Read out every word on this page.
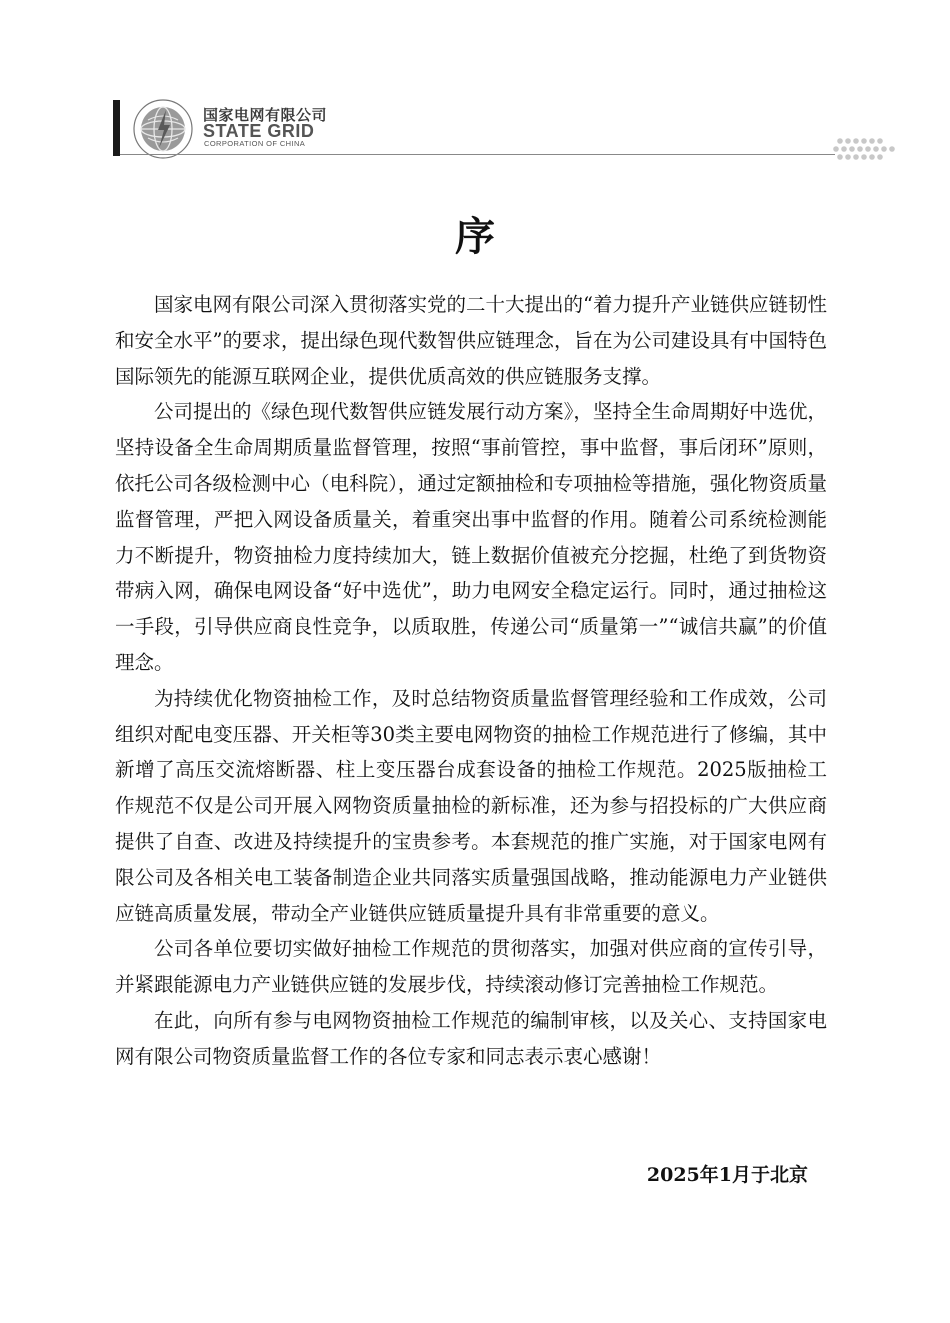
国家电网有限公司
STATE GRID
CORPORATION OF CHINA
序

国家电网有限公司深入贯彻落实党的二十大提出的“着力提升产业链供应链韧性和安全水平”的要求，提出绿色现代数智供应链理念，旨在为公司建设具有中国特色国际领先的能源互联网企业，提供优质高效的供应链服务支撑。

公司提出的《绿色现代数智供应链发展行动方案》，坚持全生命周期好中选优，坚持设备全生命周期质量监督管理，按照“事前管控，事中监督，事后闭环”原则，依托公司各级检测中心（电科院），通过定额抽检和专项抽检等措施，强化物资质量监督管理，严把入网设备质量关，着重突出事中监督的作用。随着公司系统检测能力不断提升，物资抽检力度持续加大，链上数据价值被充分挖掘，杜绝了到货物资带病入网，确保电网设备“好中选优”，助力电网安全稳定运行。同时，通过抽检这一手段，引导供应商良性竞争，以质取胜，传递公司“质量第一”“诚信共赢”的价值理念。

为持续优化物资抽检工作，及时总结物资质量监督管理经验和工作成效，公司组织对配电变压器、开关柜等30类主要电网物资的抽检工作规范进行了修编，其中新增了高压交流熔断器、柱上变压器台成套设备的抽检工作规范。2025版抽检工作规范不仅是公司开展入网物资质量抽检的新标准，还为参与招投标的广大供应商提供了自查、改进及持续提升的宝贵参考。本套规范的推广实施，对于国家电网有限公司及各相关电工装备制造企业共同落实质量强国战略，推动能源电力产业链供应链高质量发展，带动全产业链供应链质量提升具有非常重要的意义。

公司各单位要切实做好抽检工作规范的贯彻落实，加强对供应商的宣传引导，并紧跟能源电力产业链供应链的发展步伐，持续滚动修订完善抽检工作规范。

在此，向所有参与电网物资抽检工作规范的编制审核，以及关心、支持国家电网有限公司物资质量监督工作的各位专家和同志表示衷心感谢！

2025年1月于北京
